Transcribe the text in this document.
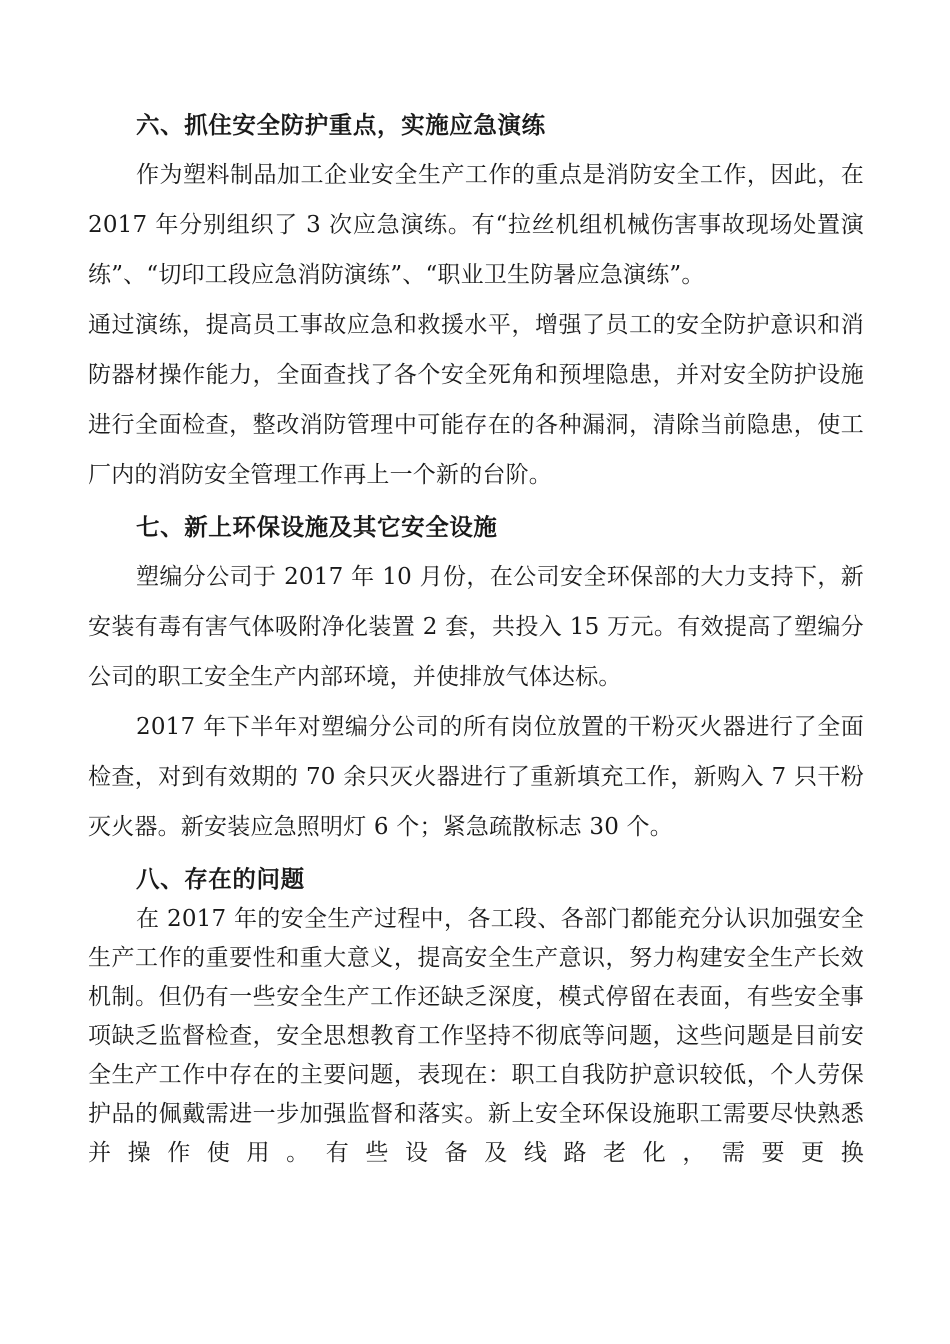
六、抓住安全防护重点，实施应急演练

作为塑料制品加工企业安全生产工作的重点是消防安全工作，因此，在 2017 年分别组织了 3 次应急演练。有“拉丝机组机械伤害事故现场处置演练”、“切印工段应急消防演练”、“职业卫生防暑应急演练”。

通过演练，提高员工事故应急和救援水平，增强了员工的安全防护意识和消防器材操作能力，全面查找了各个安全死角和预埋隐患，并对安全防护设施进行全面检查，整改消防管理中可能存在的各种漏洞，清除当前隐患，使工厂内的消防安全管理工作再上一个新的台阶。

七、新上环保设施及其它安全设施

塑编分公司于 2017 年 10 月份，在公司安全环保部的大力支持下，新安装有毒有害气体吸附净化装置 2 套，共投入 15 万元。有效提高了塑编分公司的职工安全生产内部环境，并使排放气体达标。

2017 年下半年对塑编分公司的所有岗位放置的干粉灭火器进行了全面检查，对到有效期的 70 余只灭火器进行了重新填充工作，新购入 7 只干粉灭火器。新安装应急照明灯 6 个；紧急疏散标志 30 个。

八、存在的问题

在 2017 年的安全生产过程中，各工段、各部门都能充分认识加强安全生产工作的重要性和重大意义，提高安全生产意识，努力构建安全生产长效机制。但仍有一些安全生产工作还缺乏深度，模式停留在表面，有些安全事项缺乏监督检查，安全思想教育工作坚持不彻底等问题，这些问题是目前安全生产工作中存在的主要问题，表现在：职工自我防护意识较低，个人劳保护品的佩戴需进一步加强监督和落实。新上安全环保设施职工需要尽快熟悉并操作使用。有些设备及线路老化，需要更换
